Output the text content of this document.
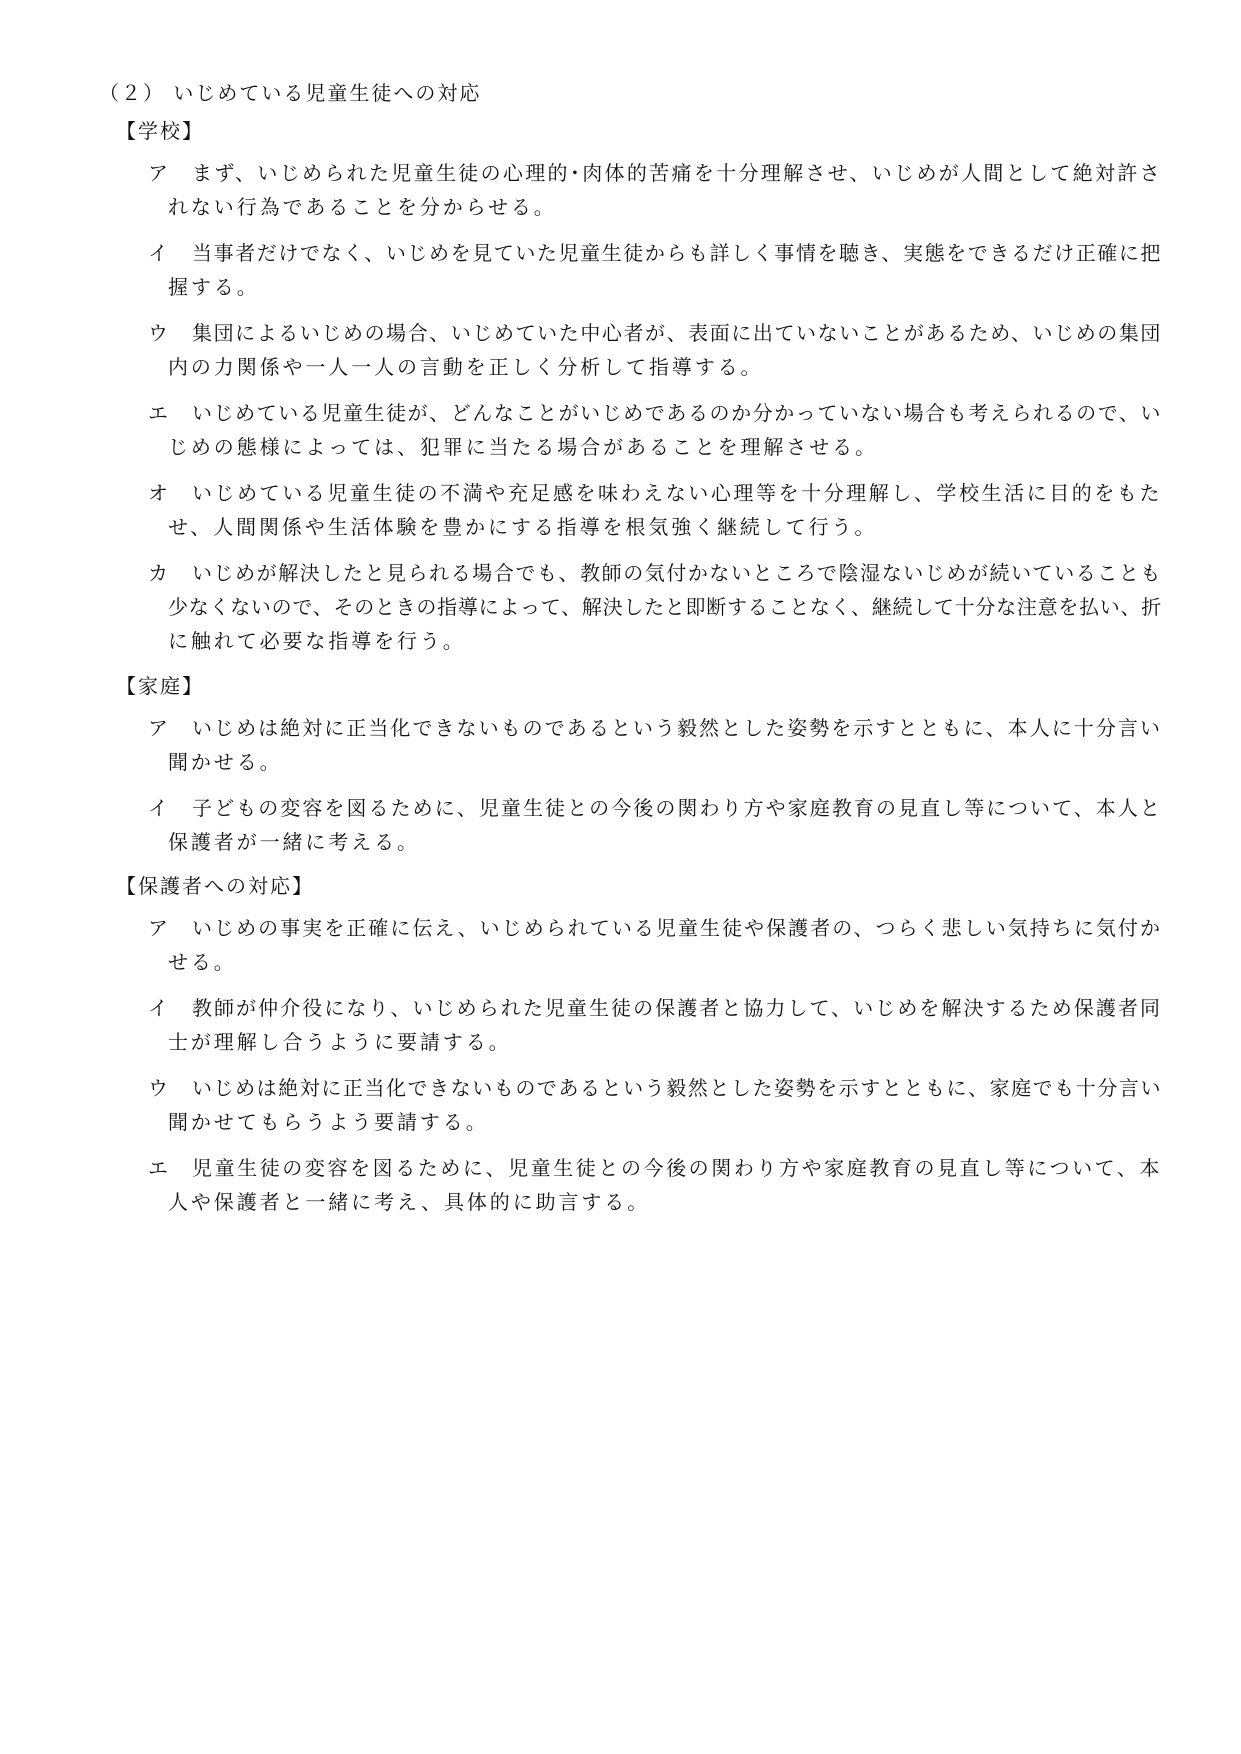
（２） いじめている児童生徒への対応
【学校】
ア まず、いじめられた児童生徒の心理的･肉体的苦痛を十分理解させ、いじめが人間として絶対許さ
れない行為であることを分からせる。
イ 当事者だけでなく、いじめを見ていた児童生徒からも詳しく事情を聴き、実態をできるだけ正確に把
握する。
ウ 集団によるいじめの場合、いじめていた中心者が、表面に出ていないことがあるため、いじめの集団
内の力関係や一人一人の言動を正しく分析して指導する。
エ いじめている児童生徒が、どんなことがいじめであるのか分かっていない場合も考えられるので、い
じめの態様によっては、犯罪に当たる場合があることを理解させる。
オ いじめている児童生徒の不満や充足感を味わえない心理等を十分理解し、学校生活に目的をもた
せ、人間関係や生活体験を豊かにする指導を根気強く継続して行う。
カ いじめが解決したと見られる場合でも、教師の気付かないところで陰湿ないじめが続いていることも
少なくないので、そのときの指導によって、解決したと即断することなく、継続して十分な注意を払い、折
に触れて必要な指導を行う。
【家庭】
ア いじめは絶対に正当化できないものであるという毅然とした姿勢を示すとともに、本人に十分言い
聞かせる。
イ 子どもの変容を図るために、児童生徒との今後の関わり方や家庭教育の見直し等について、本人と
保護者が一緒に考える。
【保護者への対応】
ア いじめの事実を正確に伝え、いじめられている児童生徒や保護者の、つらく悲しい気持ちに気付か
せる。
イ 教師が仲介役になり、いじめられた児童生徒の保護者と協力して、いじめを解決するため保護者同
士が理解し合うように要請する。
ウ いじめは絶対に正当化できないものであるという毅然とした姿勢を示すとともに、家庭でも十分言い
聞かせてもらうよう要請する。
エ 児童生徒の変容を図るために、児童生徒との今後の関わり方や家庭教育の見直し等について、本
人や保護者と一緒に考え、具体的に助言する。
